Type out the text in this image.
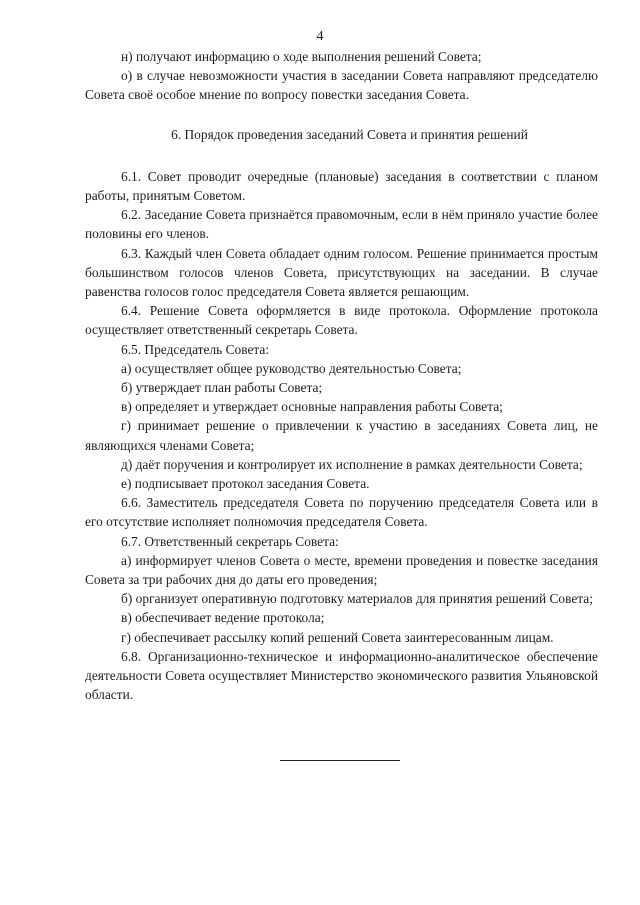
4

н) получают информацию о ходе выполнения решений Совета;

о) в случае невозможности участия в заседании Совета направляют председателю Совета своё особое мнение по вопросу повестки заседания Совета.

6. Порядок проведения заседаний Совета и принятия решений

6.1. Совет проводит очередные (плановые) заседания в соответствии с планом работы, принятым Советом.

6.2. Заседание Совета признаётся правомочным, если в нём приняло участие более половины его членов.

6.3. Каждый член Совета обладает одним голосом. Решение принимается простым большинством голосов членов Совета, присутствующих на заседании. В случае равенства голосов голос председателя Совета является решающим.

6.4. Решение Совета оформляется в виде протокола. Оформление протокола осуществляет ответственный секретарь Совета.

6.5. Председатель Совета:

а) осуществляет общее руководство деятельностью Совета;

б) утверждает план работы Совета;

в) определяет и утверждает основные направления работы Совета;

г) принимает решение о привлечении к участию в заседаниях Совета лиц, не являющихся членами Совета;

д) даёт поручения и контролирует их исполнение в рамках деятельности Совета;

е) подписывает протокол заседания Совета.

6.6. Заместитель председателя Совета по поручению председателя Совета или в его отсутствие исполняет полномочия председателя Совета.

6.7. Ответственный секретарь Совета:

а) информирует членов Совета о месте, времени проведения и повестке заседания Совета за три рабочих дня до даты его проведения;

б) организует оперативную подготовку материалов для принятия решений Совета;

в) обеспечивает ведение протокола;

г) обеспечивает рассылку копий решений Совета заинтересованным лицам.

6.8. Организационно-техническое и информационно-аналитическое обеспечение деятельности Совета осуществляет Министерство экономического развития Ульяновской области.
